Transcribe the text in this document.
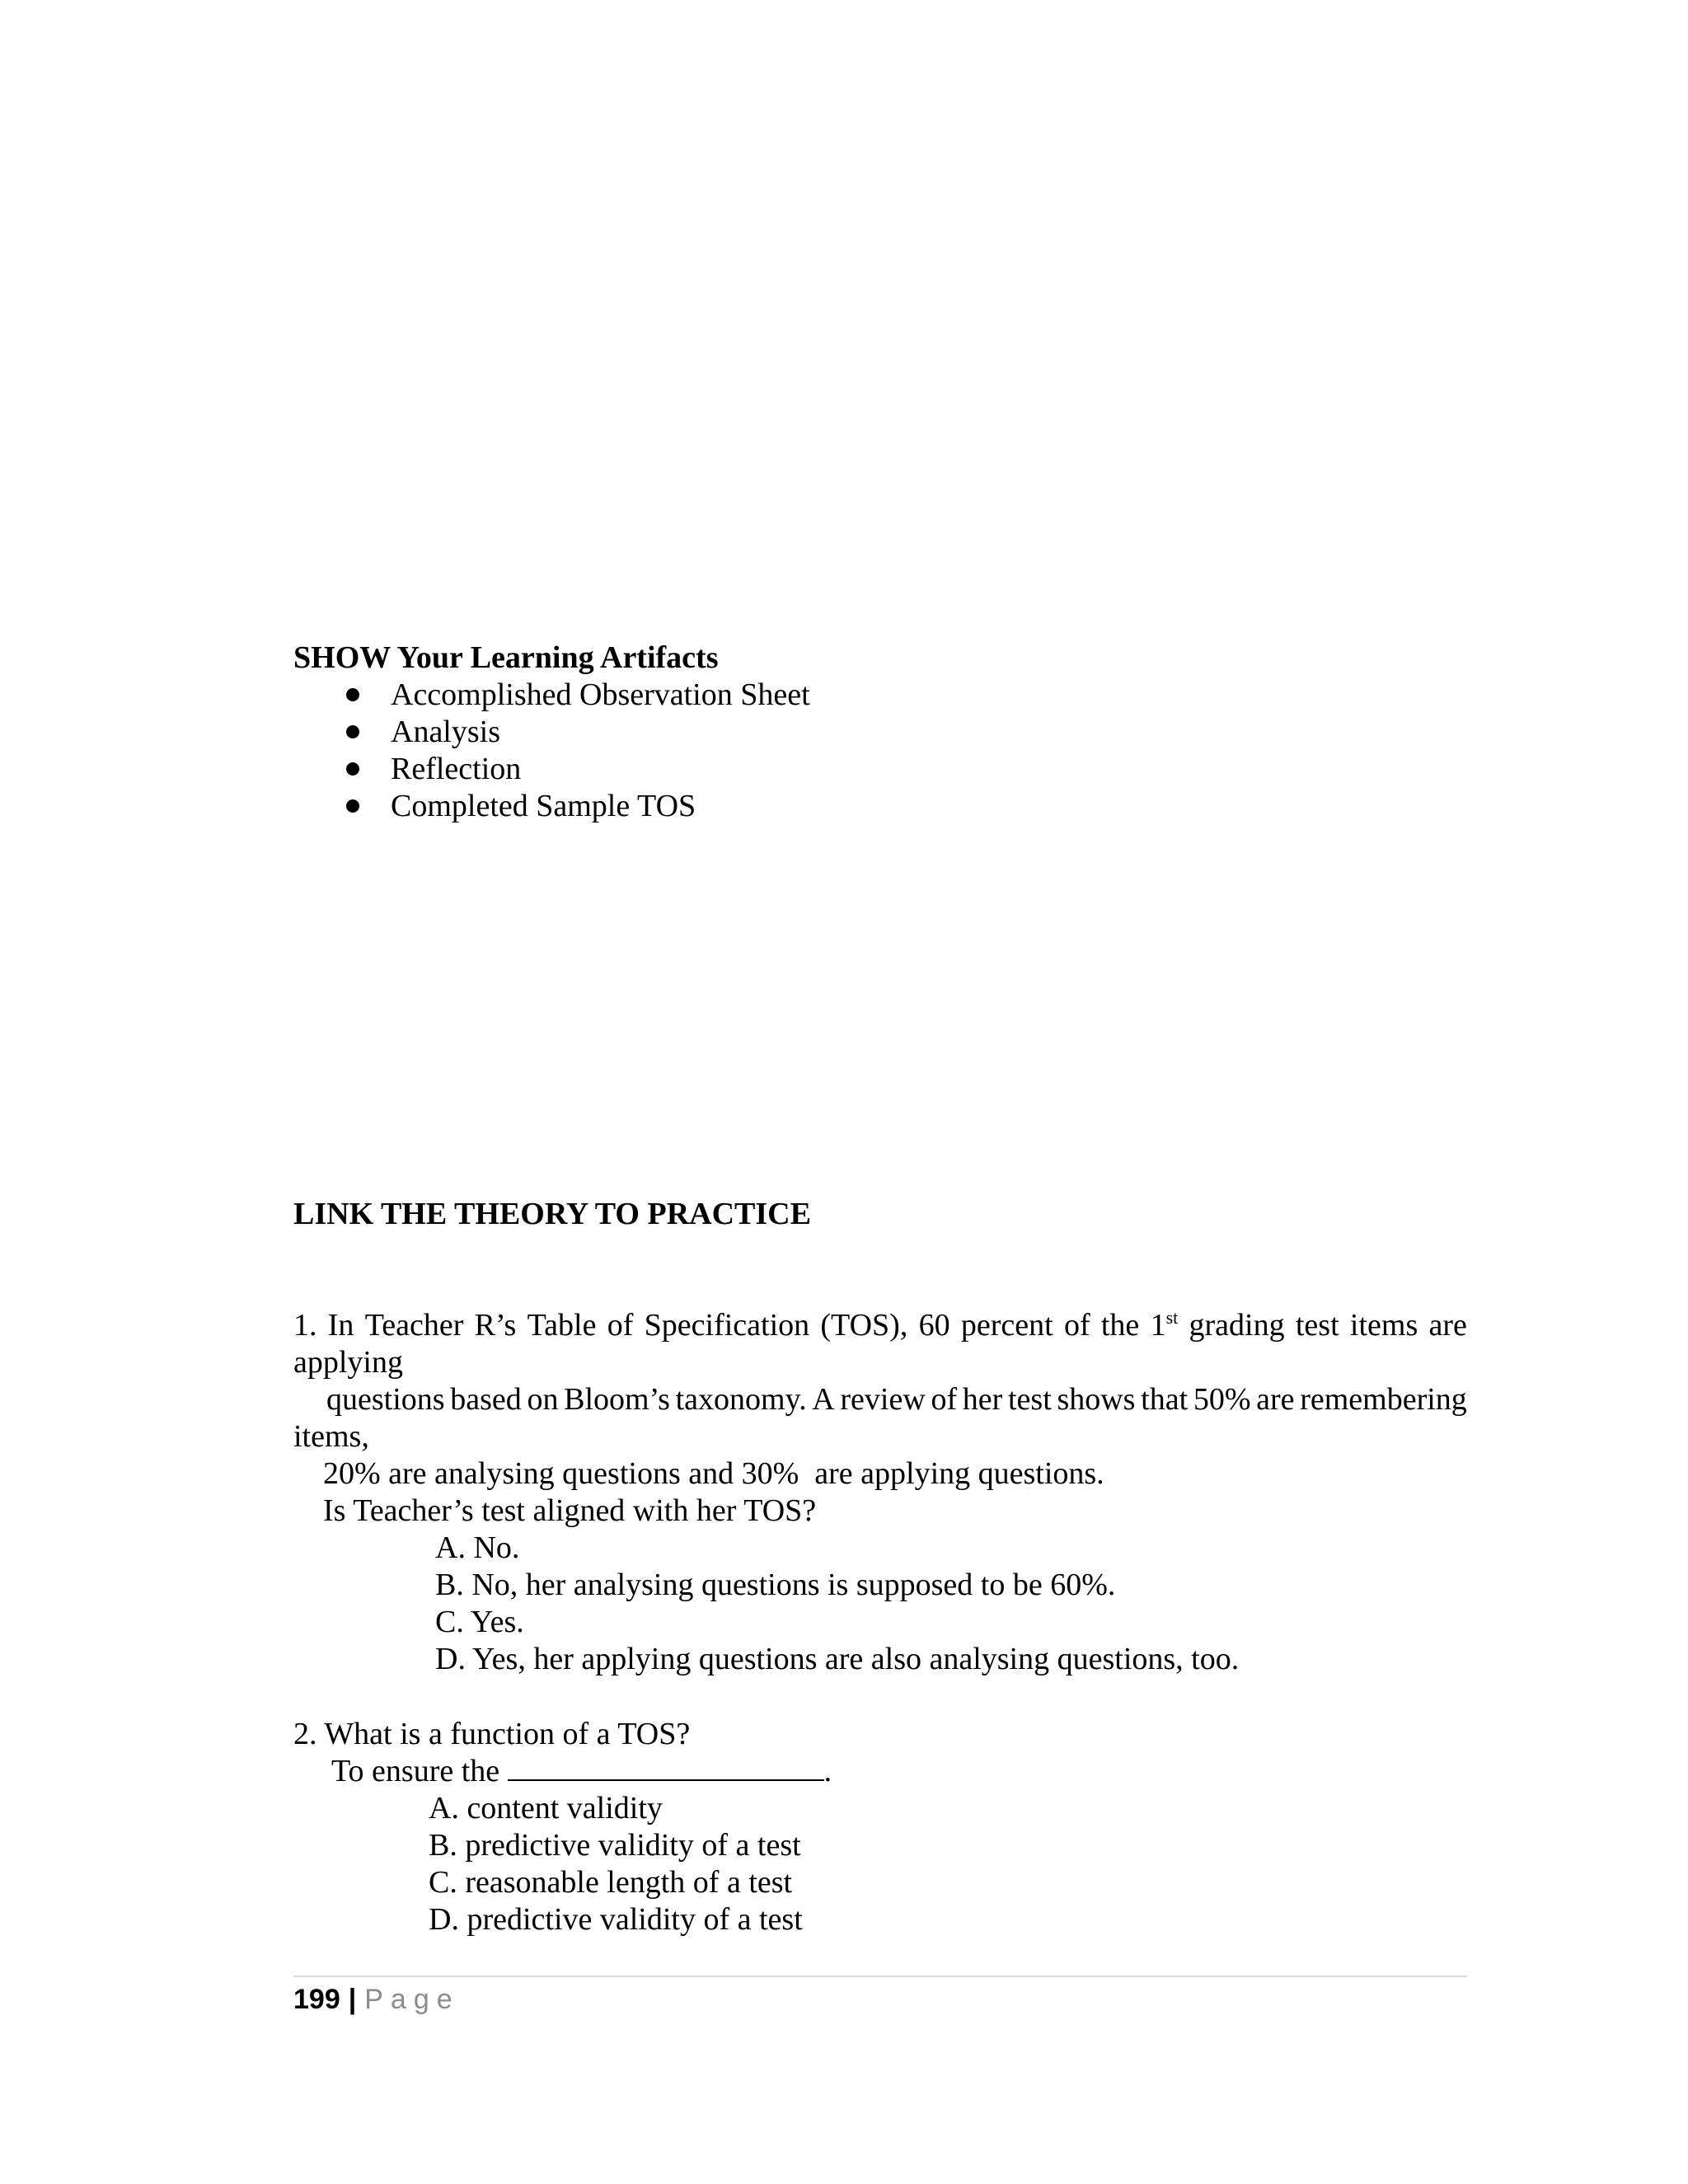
SHOW Your Learning Artifacts
Accomplished Observation Sheet
Analysis
Reflection
Completed Sample TOS
LINK THE THEORY TO PRACTICE
1. In Teacher R’s Table of Specification (TOS), 60 percent of the 1st grading test items are
applying
questions based on Bloom’s taxonomy. A review of her test shows that 50% are remembering
items,
20% are analysing questions and 30%  are applying questions.
Is Teacher’s test aligned with her TOS?
A. No.
B. No, her analysing questions is supposed to be 60%.
C. Yes.
D. Yes, her applying questions are also analysing questions, too.
2. What is a function of a TOS?
To ensure the	.
A. content validity
B. predictive validity of a test
C. reasonable length of a test
D. predictive validity of a test
199 | Page
